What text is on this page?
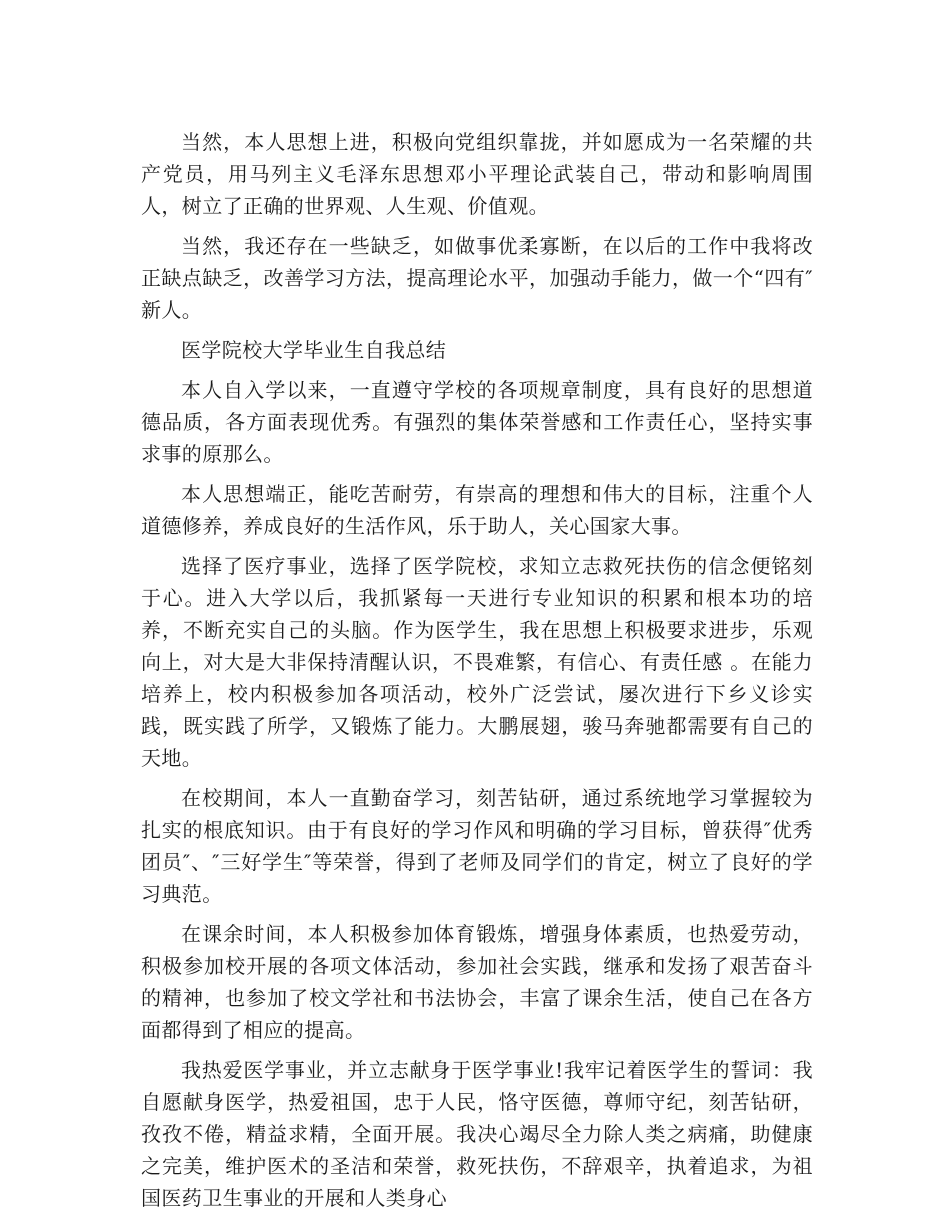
当然，本人思想上进，积极向党组织靠拢，并如愿成为一名荣耀的共产党员，用马列主义毛泽东思想邓小平理论武装自己，带动和影响周围人，树立了正确的世界观、人生观、价值观。

当然，我还存在一些缺乏，如做事优柔寡断，在以后的工作中我将改正缺点缺乏，改善学习方法，提高理论水平，加强动手能力，做一个“四有″新人。

医学院校大学毕业生自我总结

本人自入学以来，一直遵守学校的各项规章制度，具有良好的思想道 德品质，各方面表现优秀。有强烈的集体荣誉感和工作责任心，坚持实事求事的原那么。

本人思想端正，能吃苦耐劳，有崇高的理想和伟大的目标，注重个人道德修养，养成良好的生活作风，乐于助人，关心国家大事。

选择了医疗事业，选择了医学院校，求知立志救死扶伤的信念便铭刻于心。进入大学以后，我抓紧每一天进行专业知识的积累和根本功的培养，不断充实自己的头脑。作为医学生，我在思想上积极要求进步，乐观向上，对大是大非保持清醒认识，不畏难繁，有信心、有责任感 。在能力培养上，校内积极参加各项活动，校外广泛尝试，屡次进行下乡义诊实践，既实践了所学，又锻炼了能力。大鹏展翅，骏马奔驰都需要有自己的天地。

在校期间，本人一直勤奋学习，刻苦钻研，通过系统地学习掌握较为扎实的根底知识。由于有良好的学习作风和明确的学习目标，曾获得″优秀团员″、″三好学生″等荣誉，得到了老师及同学们的肯定，树立了良好的学习典范。

在课余时间，本人积极参加体育锻炼，增强身体素质，也热爱劳动，积极参加校开展的各项文体活动，参加社会实践，继承和发扬了艰苦奋斗的精神，也参加了校文学社和书法协会，丰富了课余生活，使自己在各方面都得到了相应的提高。

我热爱医学事业，并立志献身于医学事业!我牢记着医学生的誓词：我自愿献身医学，热爱祖国，忠于人民，恪守医德，尊师守纪，刻苦钻研，孜孜不倦，精益求精，全面开展。我决心竭尽全力除人类之病痛，助健康之完美，维护医术的圣洁和荣誉，救死扶伤，不辞艰辛，执着追求，为祖国医药卫生事业的开展和人类身心
